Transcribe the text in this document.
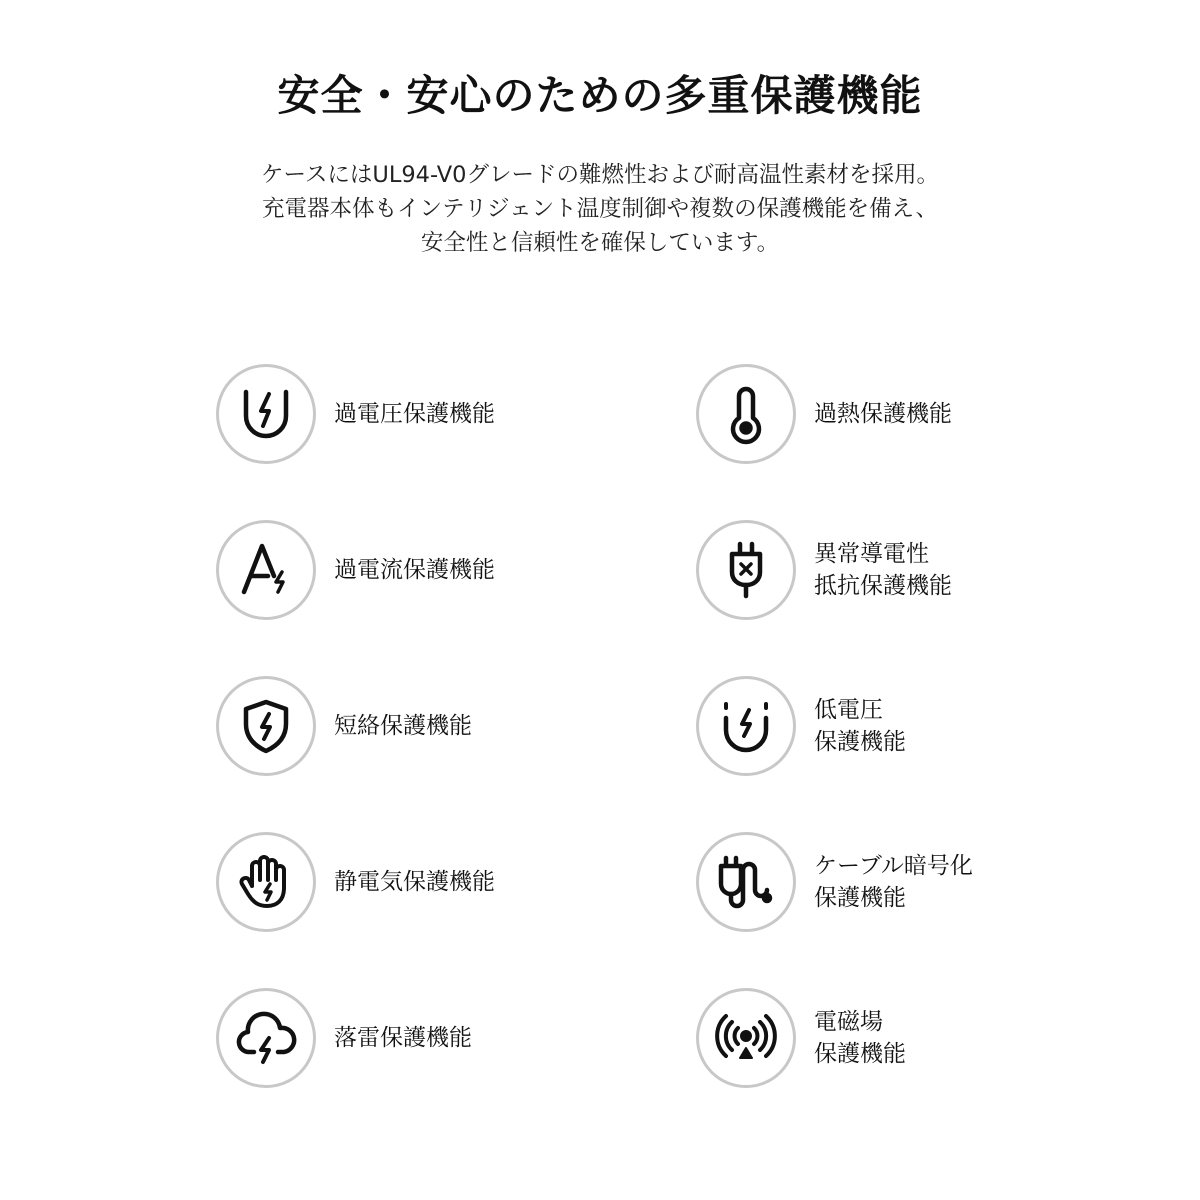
安全・安心のための多重保護機能
ケースにはUL94-V0グレードの難燃性および耐高温性素材を採用。
充電器本体もインテリジェント温度制御や複数の保護機能を備え、
安全性と信頼性を確保しています。
過電圧保護機能
過電流保護機能
短絡保護機能
静電気保護機能
落雷保護機能
過熱保護機能
異常導電性
抵抗保護機能
低電圧
保護機能
ケーブル暗号化
保護機能
電磁場
保護機能
